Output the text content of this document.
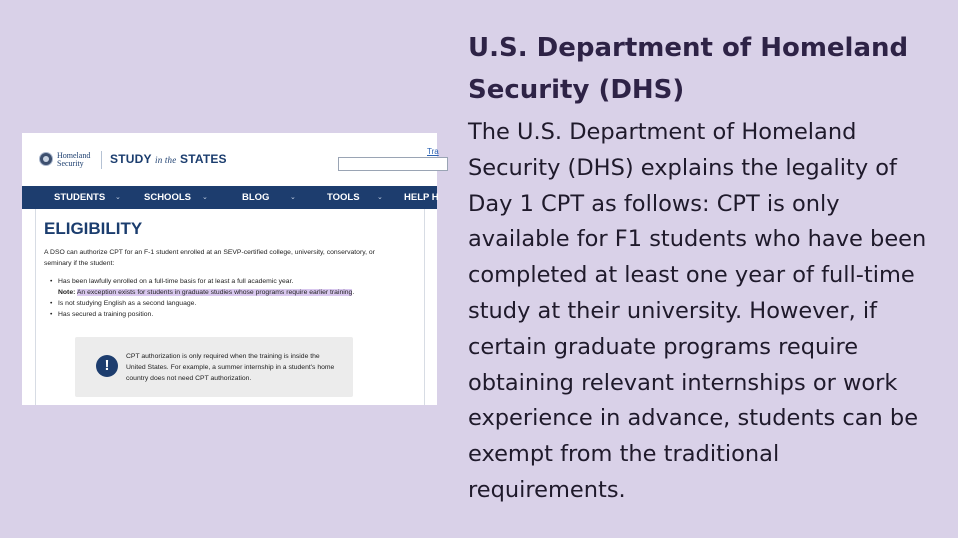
Homeland
Security	STUDY in the STATES
Tra
STUDENTS ⌄ SCHOOLS ⌄	BLOG	⌄	TOOLS ⌄ HELP H
ELIGIBILITY
A DSO can authorize CPT for an F-1 student enrolled at an SEVP-certified college, university, conservatory, or seminary if the student:
• Has been lawfully enrolled on a full-time basis for at least a full academic year.
Note: An exception exists for students in graduate studies whose programs require earlier training.
• Is not studying English as a second language.
• Has secured a training position.
!
CPT authorization is only required when the training is inside the United States. For example, a summer internship in a student's home country does not need CPT authorization.
U.S. Department of Homeland Security (DHS)
The U.S. Department of Homeland Security (DHS) explains the legality of Day 1 CPT as follows: CPT is only available for F1 students who have been completed at least one year of full-time study at their university. However, if certain graduate programs require obtaining relevant internships or work experience in advance, students can be exempt from the traditional requirements.
